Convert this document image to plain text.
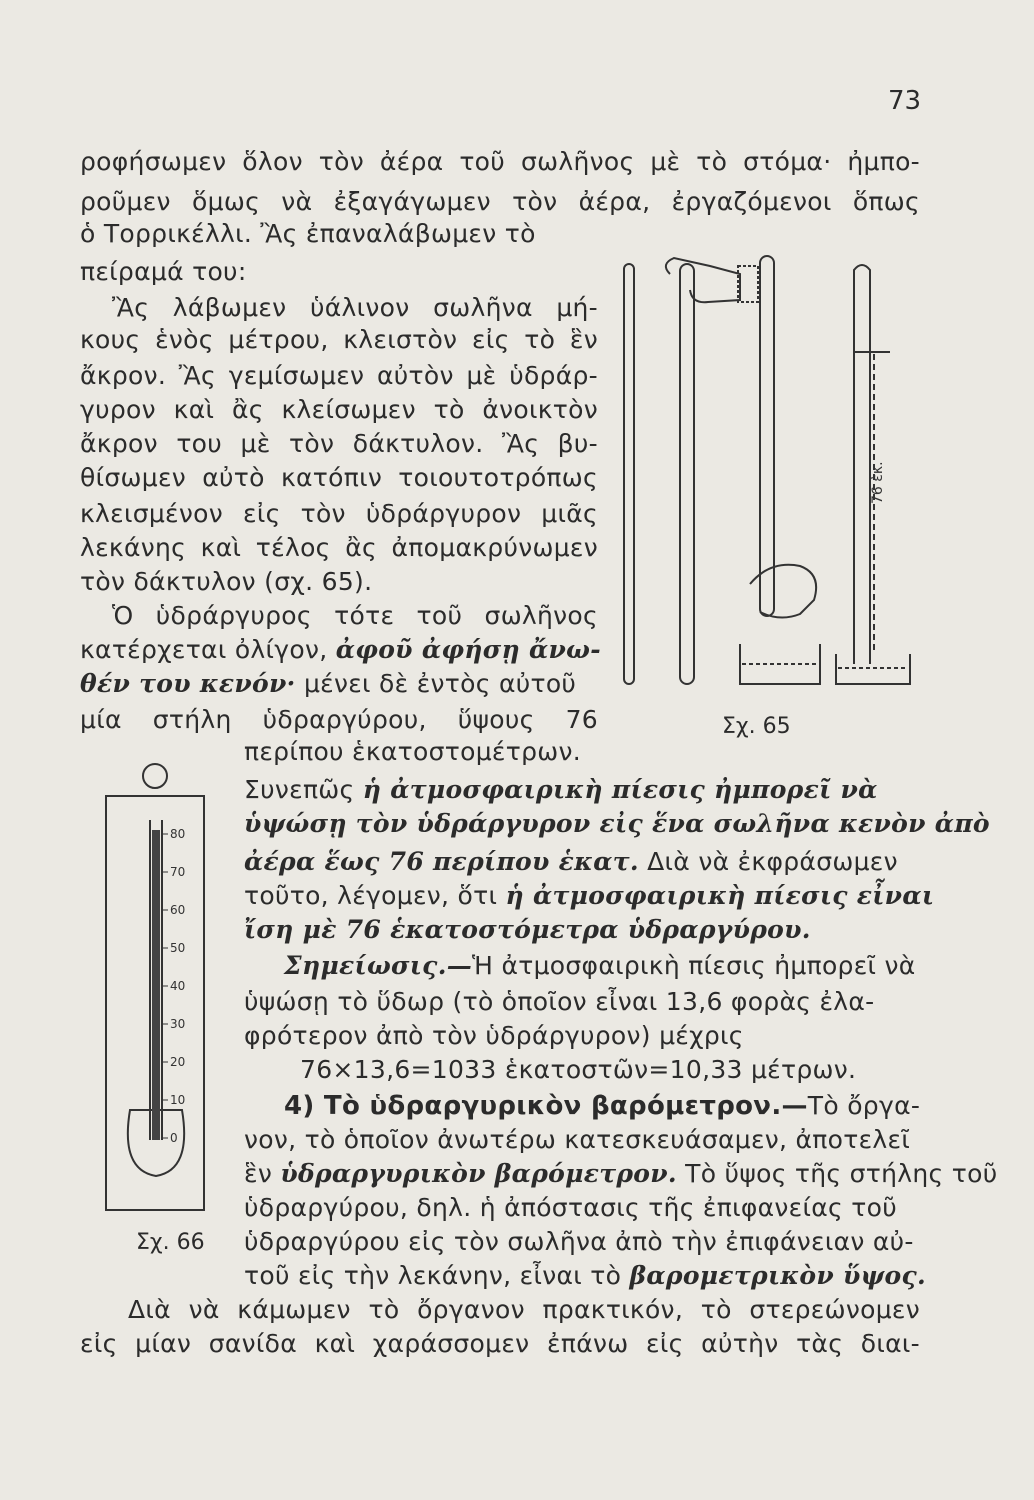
73
ροφήσωμεν ὅλον τὸν ἀέρα τοῦ σωλῆνος μὲ τὸ στόμα· ἠμπο-
ροῦμεν ὅμως νὰ ἐξαγάγωμεν τὸν ἀέρα, ἐργαζόμενοι ὅπως
ὁ Τορρικέλλι. Ἂς ἐπαναλάβωμεν τὸ
πείραμά του:
Ἂς λάβωμεν ὑάλινον σωλῆνα μή-
κους ἑνὸς μέτρου, κλειστὸν εἰς τὸ ἓν
ἄκρον. Ἂς γεμίσωμεν αὐτὸν μὲ ὑδράρ-
γυρον καὶ ἂς κλείσωμεν τὸ ἀνοικτὸν
ἄκρον του μὲ τὸν δάκτυλον. Ἂς βυ-
θίσωμεν αὐτὸ κατόπιν τοιουτοτρόπως
κλεισμένον εἰς τὸν ὑδράργυρον μιᾶς
λεκάνης καὶ τέλος ἂς ἀπομακρύνωμεν
τὸν δάκτυλον (σχ. 65).
Ὁ ὑδράργυρος τότε τοῦ σωλῆνος
κατέρχεται ὀλίγον, ἀφοῦ ἀφήσῃ ἄνω-
θέν του κενόν· μένει δὲ ἐντὸς αὐτοῦ
μία στήλη ὑδραργύρου, ὕψους 76	Σχ. 65
περίπου ἑκατοστομέτρων.
Συνεπῶς ἡ ἀτμοσφαιρικὴ πίεσις ἠμπορεῖ νὰ
ὑψώσῃ τὸν ὑδράργυρον εἰς ἕνα σωλῆνα κενὸν ἀπὸ
ἀέρα ἕως 76 περίπου ἑκατ. Διὰ νὰ ἐκφράσωμεν
τοῦτο, λέγομεν, ὅτι ἡ ἀτμοσφαιρικὴ πίεσις εἶναι
ἴση μὲ 76 ἑκατοστόμετρα ὑδραργύρου.
Σημείωσις.—Ἡ ἀτμοσφαιρικὴ πίεσις ἠμπορεῖ νὰ
ὑψώσῃ τὸ ὕδωρ (τὸ ὁποῖον εἶναι 13,6 φορὰς ἐλα-
φρότερον ἀπὸ τὸν ὑδράργυρον) μέχρις
76×13,6=1033 ἑκατοστῶν=10,33 μέτρων.
4) Τὸ ὑδραργυρικὸν βαρόμετρον.—Τὸ ὄργα-
νον, τὸ ὁποῖον ἀνωτέρω κατεσκευάσαμεν, ἀποτελεῖ
ἓν ὑδραργυρικὸν βαρόμετρον. Τὸ ὕψος τῆς στήλης τοῦ
ὑδραργύρου, δηλ. ἡ ἀπόστασις τῆς ἐπιφανείας τοῦ
Σχ. 66 ὑδραργύρου εἰς τὸν σωλῆνα ἀπὸ τὴν ἐπιφάνειαν αὐ-
τοῦ εἰς τὴν λεκάνην, εἶναι τὸ βαρομετρικὸν ὕψος.
Διὰ νὰ κάμωμεν τὸ ὄργανον πρακτικόν, τὸ στερεώνομεν
εἰς μίαν σανίδα καὶ χαράσσομεν ἐπάνω εἰς αὐτὴν τὰς διαι-
76 ἑκ.
80
70
60
50
40
30
20
10
0
